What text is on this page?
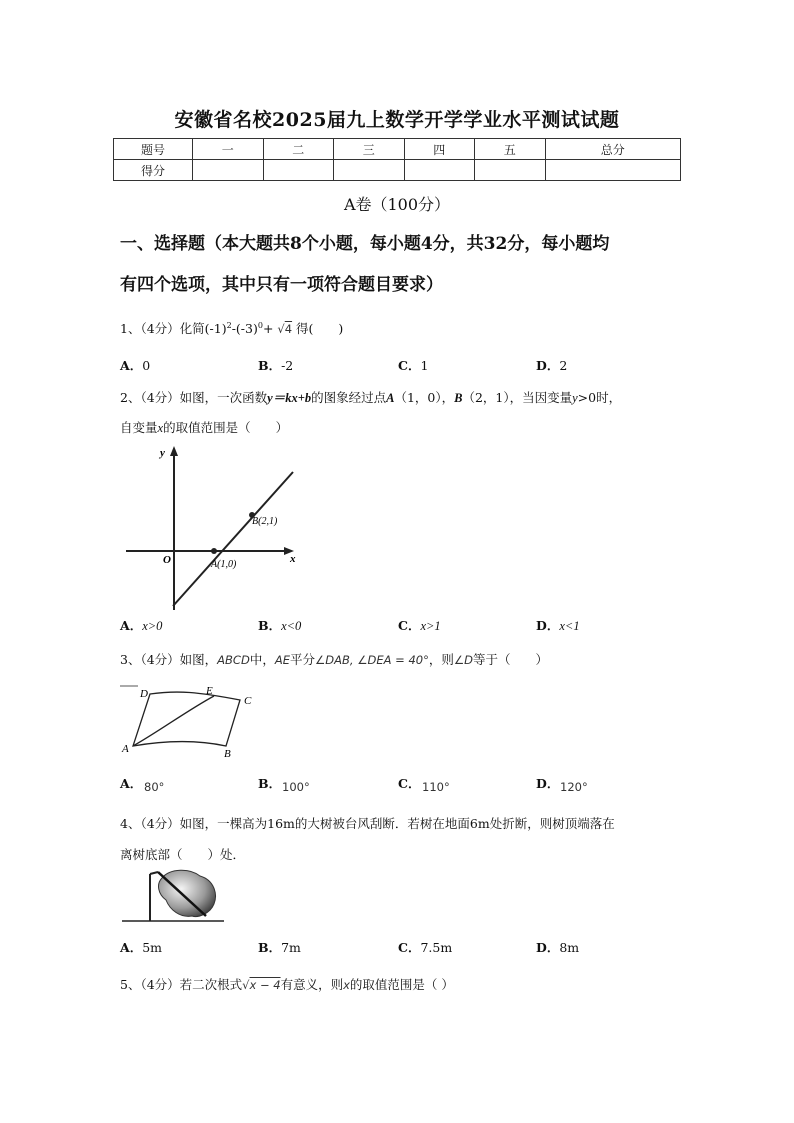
安徽省名校2025届九上数学开学学业水平测试试题
题号	一	二	三	四	五	总分
得分						
A卷（100分）
一、选择题（本大题共8个小题，每小题4分，共32分，每小题均
有四个选项，其中只有一项符合题目要求）
1、（4分）化简$(-1)^2-(-3)^0+ √4$ 得(　　)
A．0	B．-2	C．1	D．2
2、（4分）如图，一次函数y＝kx+b的图象经过点A（1，0），B（2，1），当因变量y>0时，
自变量x的取值范围是（　　）
y
x
O	A(1,0)
B(2,1)
A．x>0	B．x<0	C．x>1	D．x<1
3、（4分）如图，ABCD中，AE平分∠DAB, ∠DEA = 40°，则∠D等于（　　）
D	E
C
A	B
A． 80°	B． 100°	C． 110°	D． 120°
4、（4分）如图，一棵高为16m的大树被台风刮断．若树在地面6m处折断，则树顶端落在
离树底部（　　）处．
A．5m	B．7m	C．7.5m	D．8m
5、（4分）若二次根式√x − 4有意义，则x的取值范围是（ ）
